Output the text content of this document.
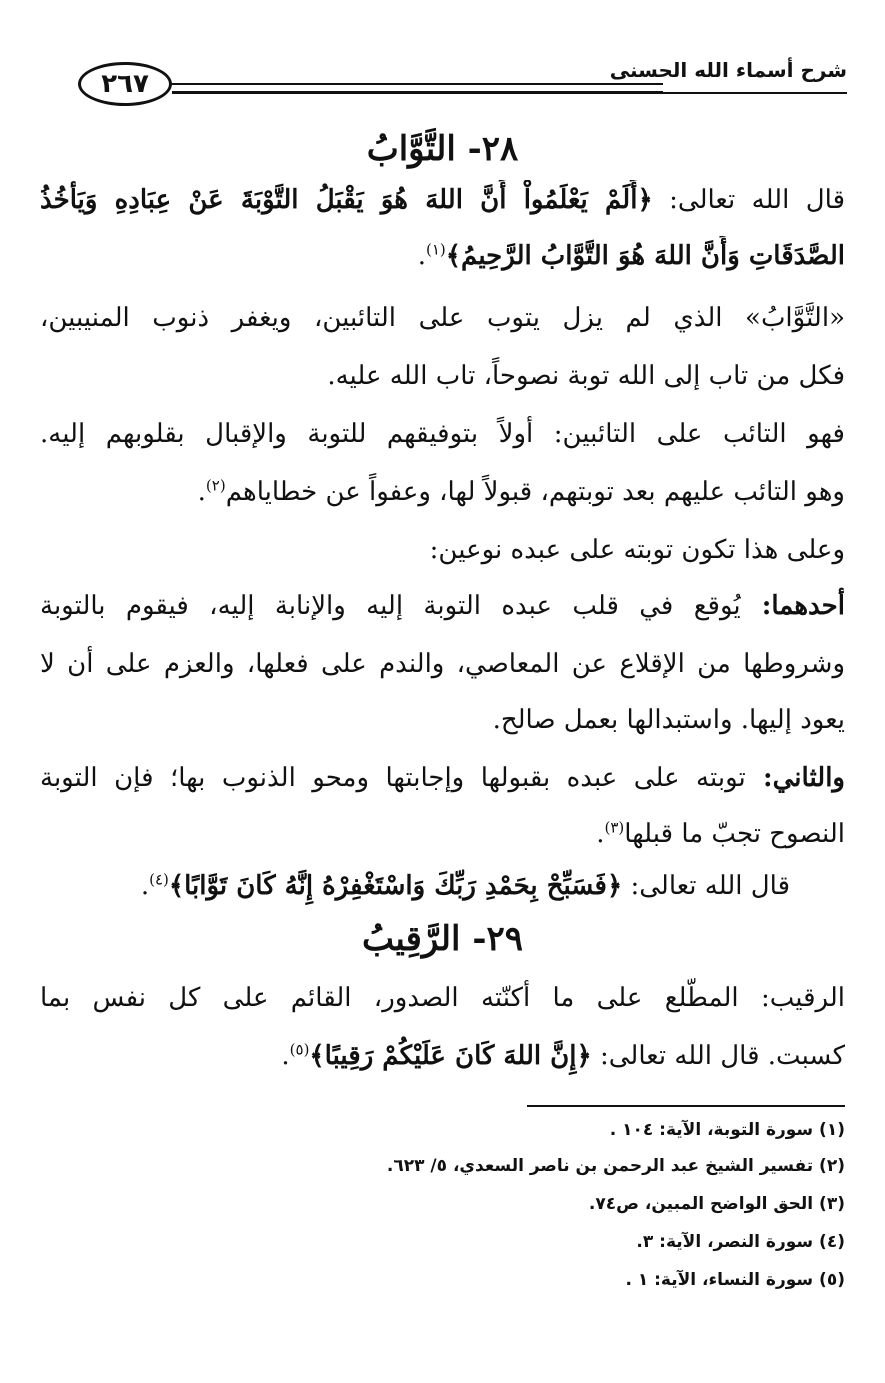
شرح أسماء الله الحسنى
٢٦٧
٢٨- التَّوَّابُ
قال الله تعالى: ﴿أَلَمْ يَعْلَمُواْ أَنَّ اللهَ هُوَ يَقْبَلُ التَّوْبَةَ عَنْ عِبَادِهِ وَيَأْخُذُ
الصَّدَقَاتِ وَأَنَّ اللهَ هُوَ التَّوَّابُ الرَّحِيمُ﴾$^{(١)}$.
«التَّوَّابُ» الذي لم يزل يتوب على التائبين، ويغفر ذنوب المنيبين،
فكل من تاب إلى الله توبة نصوحاً، تاب الله عليه.
فهو التائب على التائبين: أولاً بتوفيقهم للتوبة والإقبال بقلوبهم إليه.
وهو التائب عليهم بعد توبتهم، قبولاً لها، وعفواً عن خطاياهم$^{(٢)}$.
وعلى هذا تكون توبته على عبده نوعين:
أحدهما: يُوقع في قلب عبده التوبة إليه والإنابة إليه، فيقوم بالتوبة
وشروطها من الإقلاع عن المعاصي، والندم على فعلها، والعزم على أن لا
يعود إليها. واستبدالها بعمل صالح.
والثاني: توبته على عبده بقبولها وإجابتها ومحو الذنوب بها؛ فإن التوبة
النصوح تجبّ ما قبلها$^{(٣)}$.
قال الله تعالى: ﴿فَسَبِّحْ بِحَمْدِ رَبِّكَ وَاسْتَغْفِرْهُ إِنَّهُ كَانَ تَوَّابًا﴾$^{(٤)}$.
٢٩- الرَّقِيبُ
الرقيب: المطّلع على ما أكنّته الصدور، القائم على كل نفس بما
كسبت. قال الله تعالى: ﴿إِنَّ اللهَ كَانَ عَلَيْكُمْ رَقِيبًا﴾$^{(٥)}$.
(١) سورة التوبة، الآية: ١٠٤ .
(٢) تفسير الشيخ عبد الرحمن بن ناصر السعدي، ٥/ ٦٢٣.
(٣) الحق الواضح المبين، ص٧٤.
(٤) سورة النصر، الآية: ٣.
(٥) سورة النساء، الآية: ١ .
